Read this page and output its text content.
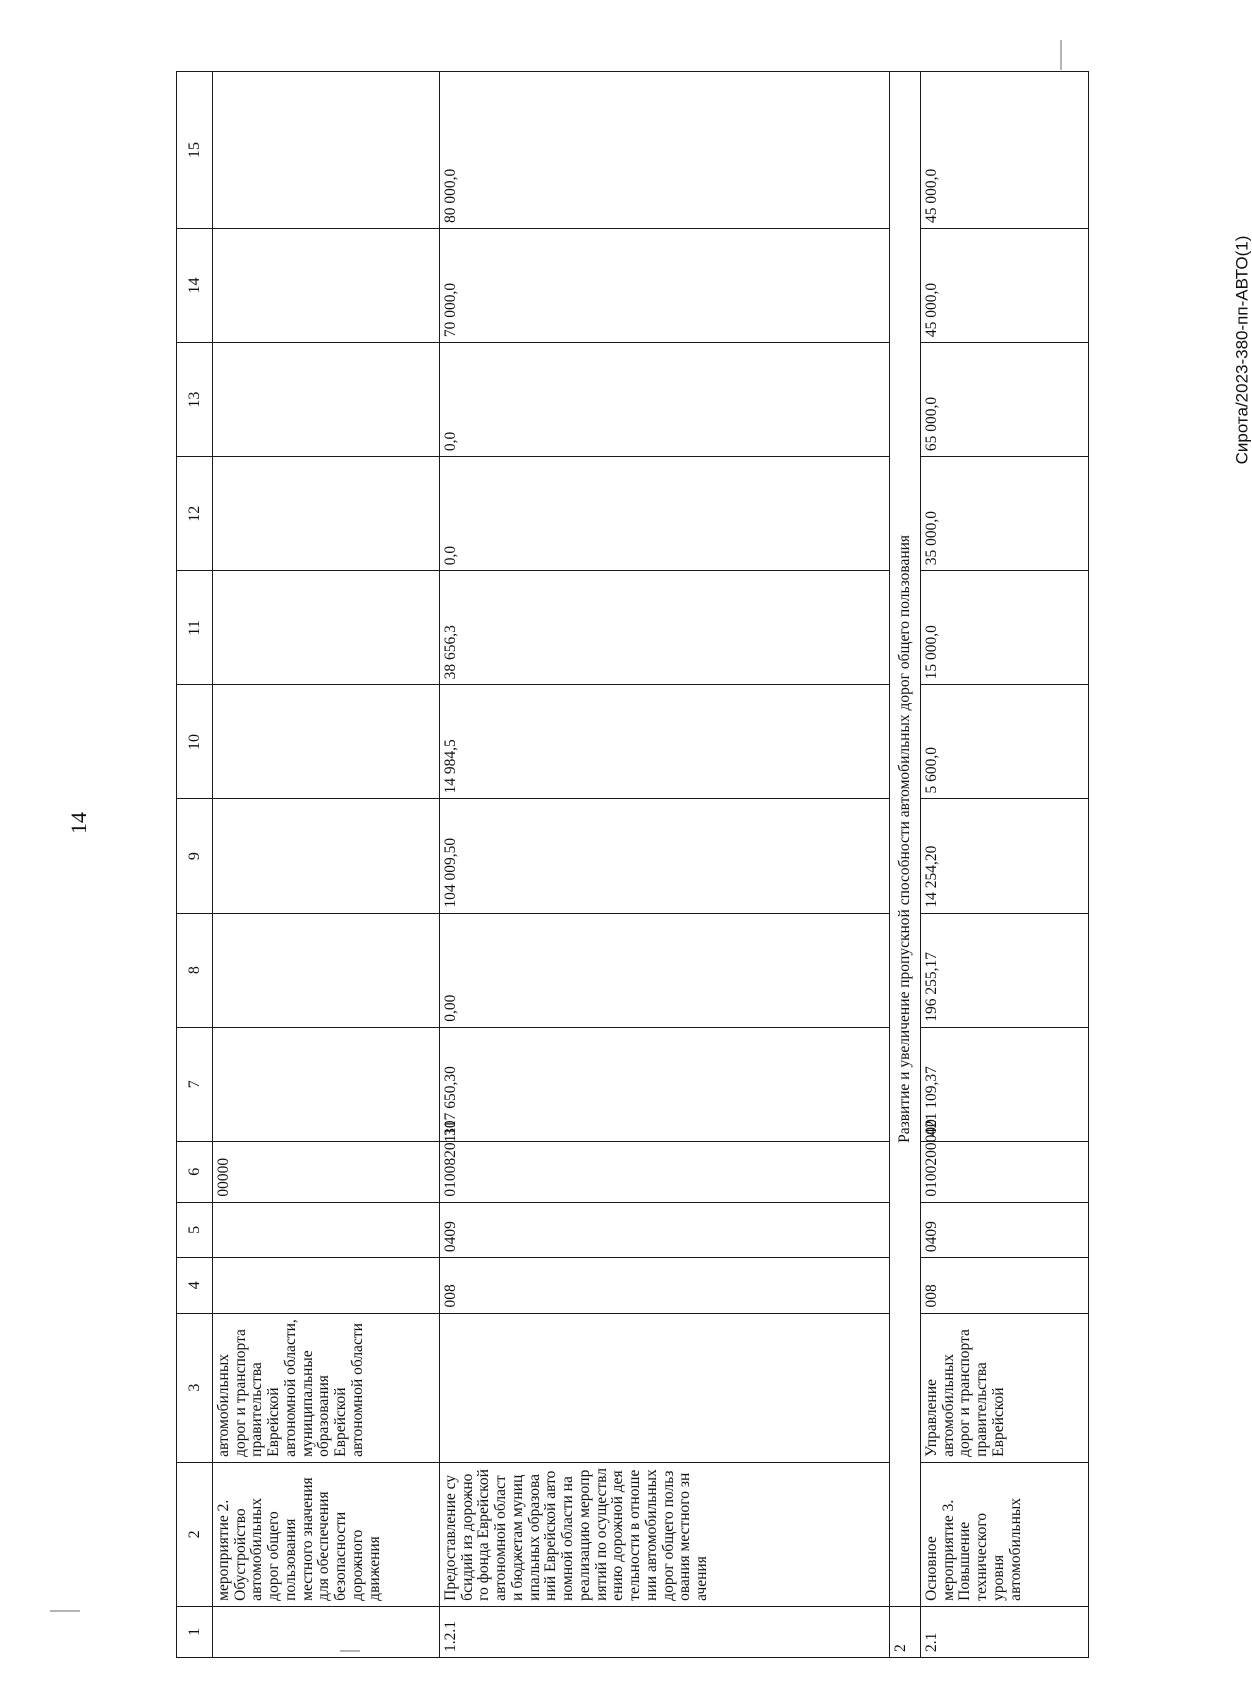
14
Сирота/2023-380-пп-АВТО(1)
1	2	3	4	5	6	7	8	9	10	11	12	13	14	15
	мероприятие 2. Обустройство автомобильных дорог общего пользования местного значения для обеспечения безопасности дорожного движения	автомобильных дорог и транспорта правительства Еврейской автономной области, муниципальные образования Еврейской автономной области			00000									
1.2.1	Предоставление субсидий из дорожного фонда Еврейской автономной области бюджетам муниципальных образований Еврейской автономной области на реализацию мероприятий по осуществлению дорожной деятельности в отношении автомобильных дорог общего пользования местного значения		008	0409	0100820111	307 650,30	0,00	104 009,50	14 984,5	38 656,3	0,0	0,0	70 000,0	80 000,0
2	Развитие и увеличение пропускной способности автомобильных дорог общего пользования													
2.1	Основное мероприятие 3. Повышение технического уровня автомобильных	Управление автомобильных дорог и транспорта правительства Еврейской	008	0409	0100200000	421 109,37	196 255,17	14 254,20	5 600,0	15 000,0	35 000,0	65 000,0	45 000,0	45 000,0
